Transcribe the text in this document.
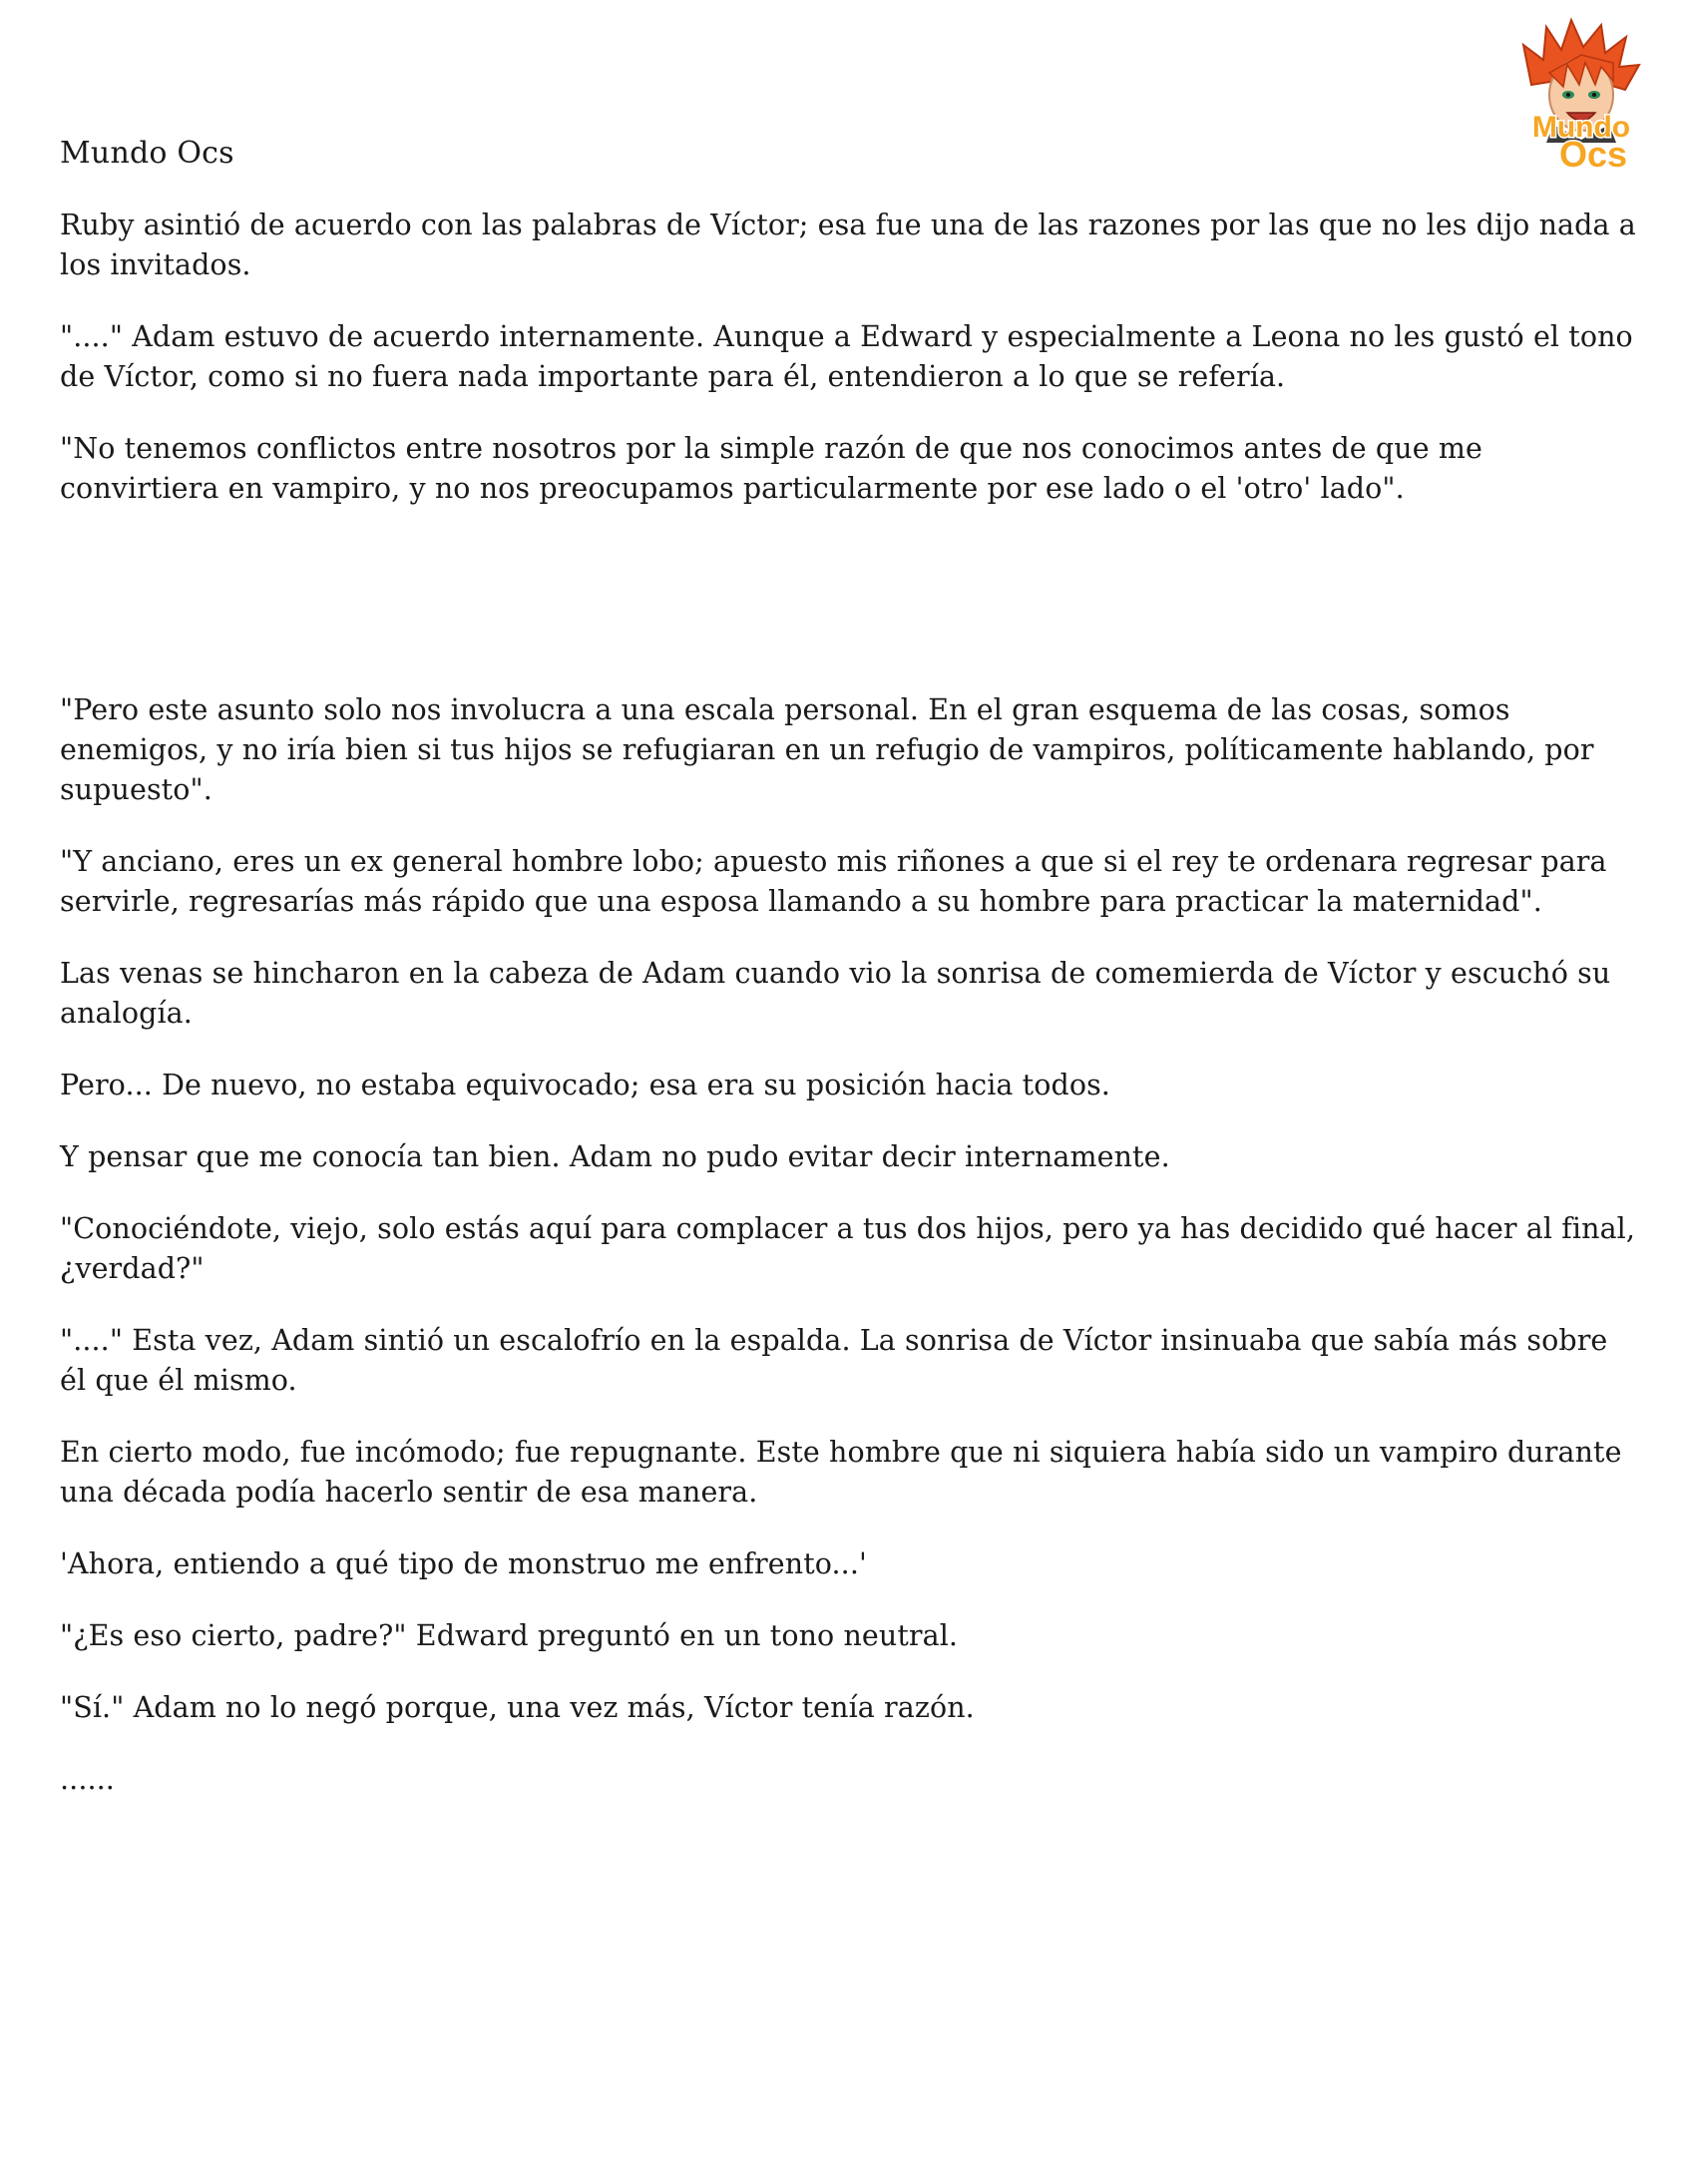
Mundo
Ocs
Mundo Ocs

Ruby asintió de acuerdo con las palabras de Víctor; esa fue una de las razones por las que no les dijo nada a los invitados.

"...." Adam estuvo de acuerdo internamente. Aunque a Edward y especialmente a Leona no les gustó el tono de Víctor, como si no fuera nada importante para él, entendieron a lo que se refería.

"No tenemos conflictos entre nosotros por la simple razón de que nos conocimos antes de que me convirtiera en vampiro, y no nos preocupamos particularmente por ese lado o el 'otro' lado".

"Pero este asunto solo nos involucra a una escala personal. En el gran esquema de las cosas, somos enemigos, y no iría bien si tus hijos se refugiaran en un refugio de vampiros, políticamente hablando, por supuesto".

"Y anciano, eres un ex general hombre lobo; apuesto mis riñones a que si el rey te ordenara regresar para servirle, regresarías más rápido que una esposa llamando a su hombre para practicar la maternidad".

Las venas se hincharon en la cabeza de Adam cuando vio la sonrisa de comemierda de Víctor y escuchó su analogía.

Pero... De nuevo, no estaba equivocado; esa era su posición hacia todos.

Y pensar que me conocía tan bien. Adam no pudo evitar decir internamente.

"Conociéndote, viejo, solo estás aquí para complacer a tus dos hijos, pero ya has decidido qué hacer al final, ¿verdad?"

"...." Esta vez, Adam sintió un escalofrío en la espalda. La sonrisa de Víctor insinuaba que sabía más sobre él que él mismo.

En cierto modo, fue incómodo; fue repugnante. Este hombre que ni siquiera había sido un vampiro durante una década podía hacerlo sentir de esa manera.

'Ahora, entiendo a qué tipo de monstruo me enfrento...'

"¿Es eso cierto, padre?" Edward preguntó en un tono neutral.

"Sí." Adam no lo negó porque, una vez más, Víctor tenía razón.

......
